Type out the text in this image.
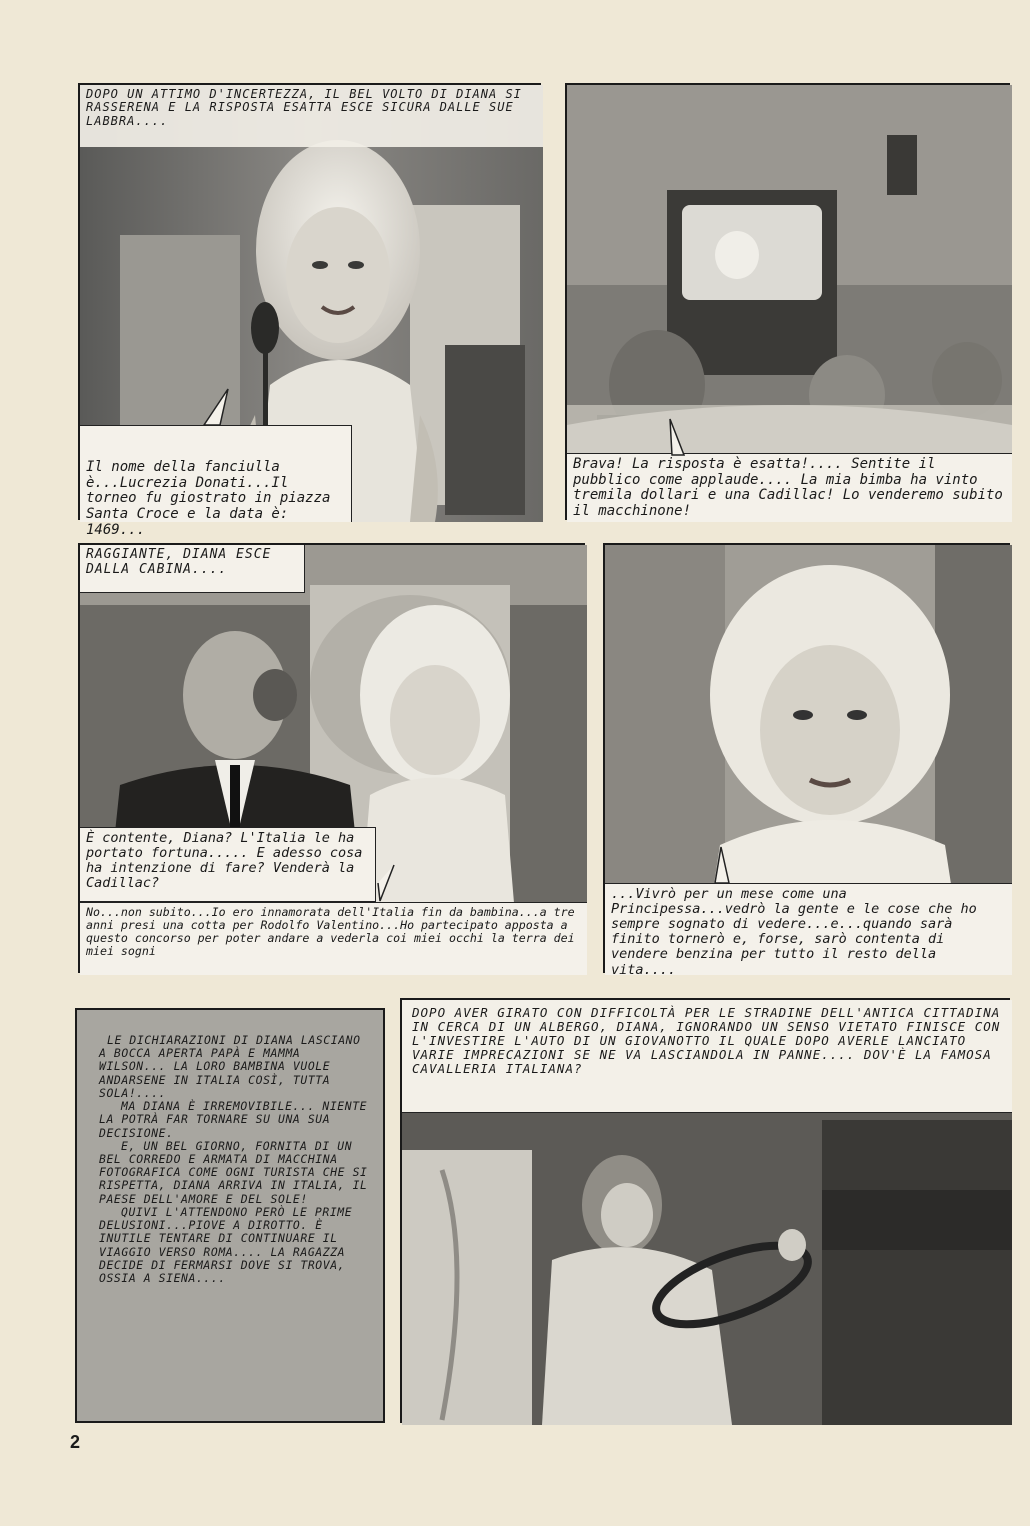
DOPO UN ATTIMO D'INCERTEZZA, IL BEL VOLTO DI DIANA SI RASSERENA E LA RISPOSTA ESATTA ESCE SICURA DALLE SUE LABBRA....
Il nome della fanciulla è...Lucrezia Donati...Il torneo fu giostrato in piazza Santa Croce e la data è: 1469...
Brava! La risposta è esatta!.... Sentite il pubblico come applaude.... La mia bimba ha vinto tremila dollari e una Cadillac! Lo venderemo subito il macchinone!
RAGGIANTE, DIANA ESCE DALLA CABINA....
È contente, Diana? L'Italia le ha portato fortuna..... E adesso cosa ha intenzione di fare? Venderà la Cadillac?
No...non subito...Io ero innamorata dell'Italia fin da bambina...a tre anni presi una cotta per Rodolfo Valentino...Ho partecipato apposta a questo concorso per poter andare a vederla coi miei occhi la terra dei miei sogni
...Vivrò per un mese come una Principessa...vedrò la gente e le cose che ho sempre sognato di vedere...e...quando sarà finito tornerò e, forse, sarò contenta di vendere benzina per tutto il resto della vita....

LE DICHIARAZIONI DI DIANA LASCIANO A BOCCA APERTA PAPÀ E MAMMA WILSON... LA LORO BAMBINA VUOLE ANDARSENE IN ITALIA COSÌ, TUTTA SOLA!....

MA DIANA È IRREMOVIBILE... NIENTE LA POTRÀ FAR TORNARE SU UNA SUA DECISIONE.

E, UN BEL GIORNO, FORNITA DI UN BEL CORREDO E ARMATA DI MACCHINA FOTOGRAFICA COME OGNI TURISTA CHE SI RISPETTA, DIANA ARRIVA IN ITALIA, IL PAESE DELL'AMORE E DEL SOLE!

QUIVI L'ATTENDONO PERÒ LE PRIME DELUSIONI...PIOVE A DIROTTO. È INUTILE TENTARE DI CONTINUARE IL VIAGGIO VERSO ROMA.... LA RAGAZZA DECIDE DI FERMARSI DOVE SI TROVA, OSSIA A SIENA....

DOPO AVER GIRATO CON DIFFICOLTÀ PER LE STRADINE DELL'ANTICA CITTADINA IN CERCA DI UN ALBERGO, DIANA, IGNORANDO UN SENSO VIETATO FINISCE CON L'INVESTIRE L'AUTO DI UN GIOVANOTTO IL QUALE DOPO AVERLE LANCIATO VARIE IMPRECAZIONI SE NE VA LASCIANDOLA IN PANNE.... DOV'È LA FAMOSA CAVALLERIA ITALIANA?
2
